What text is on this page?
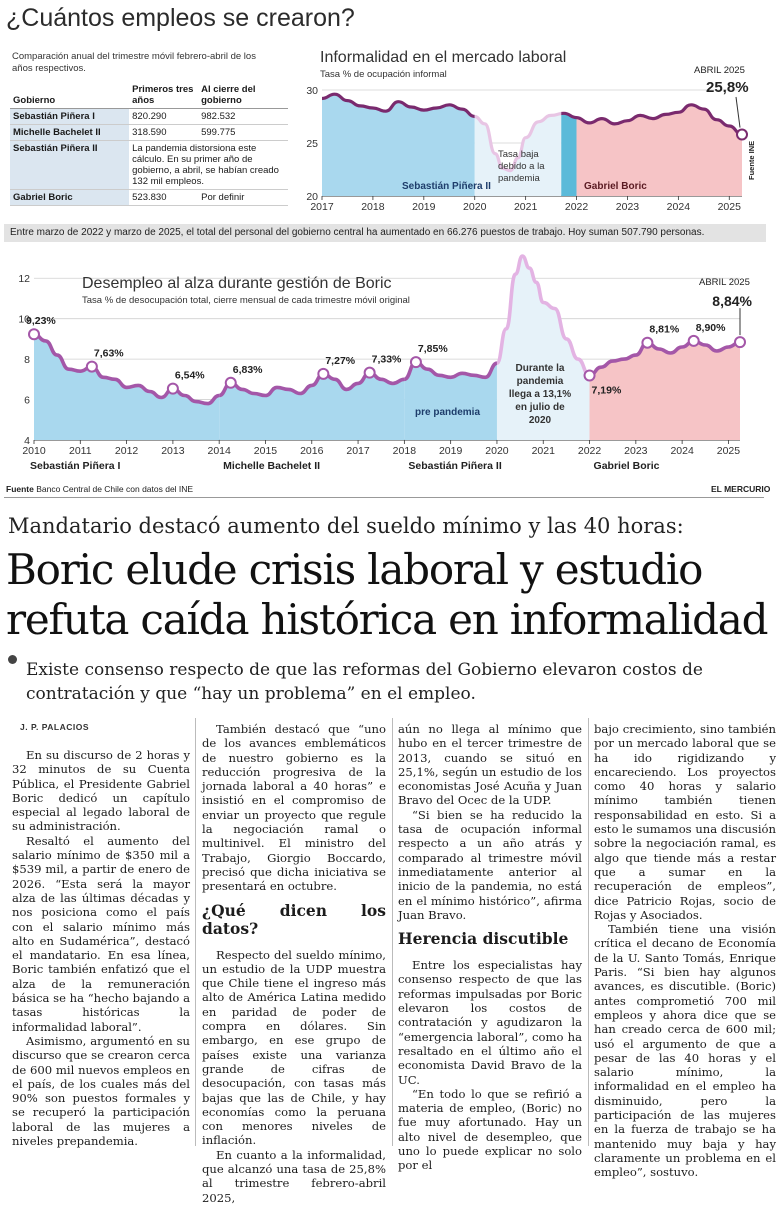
¿Cuántos empleos se crearon?
Comparación anual del trimestre móvil febrero-abril de los años respectivos.
Gobierno	Primeros tres años	Al cierre del gobierno
Sebastián Piñera I	820.290	982.532
Michelle Bachelet II	318.590	599.775
Sebastián Piñera II	La pandemia distorsiona este cálculo. En su primer año de gobierno, a abril, se habían creado 132 mil empleos.	
Gabriel Boric	523.830	Por definir
Informalidad en el mercado laboral
Tasa % de ocupación informal
30
25
20
2017	2018	2019	2020	2021	2022	2023	2024	2025
Sebastián Piñera II	Gabriel Boric
Tasa baja debido a la pandemia
ABRIL 2025
25,8%
Fuente INE
Entre marzo de 2022 y marzo de 2025, el total del personal del gobierno central ha aumentado en 66.276 puestos de trabajo. Hoy suman 507.790 personas.
12
10
8
6
4
2010 2011 2012 2013 2014 2015 2016 2017 2018 2019 2020 2021 2022 2023 2024 2025
9,23%
7,63%
6,54%	6,83%
7,27% 7,33%
7,85%
7,19%
8,81% 8,90%
8,84%
Sebastián Piñera I	Michelle Bachelet II	Sebastián Piñera II	Gabriel Boric
Desempleo al alza durante gestión de Boric
Tasa % de desocupación total, cierre mensual de cada trimestre móvil original
pre pandemia
Durante la pandemia llega a 13,1% en julio de 2020
ABRIL 2025
Fuente Banco Central de Chile con datos del INE	EL MERCURIO
Mandatario destacó aumento del sueldo mínimo y las 40 horas:
Boric elude crisis laboral y estudio refuta caída histórica en informalidad
Existe consenso respecto de que las reformas del Gobierno elevaron costos de contratación y que “hay un problema” en el empleo.
J. P. PALACIOS

En su discurso de 2 horas y 32 minutos de su Cuenta Pública, el Presidente Gabriel Boric dedicó un capítulo especial al legado laboral de su administración.

Resaltó el aumento del salario mínimo de $350 mil a $539 mil, a partir de enero de 2026. “Esta será la mayor alza de las últimas décadas y nos posiciona como el país con el salario mínimo más alto en Sudamérica”, destacó el mandatario. En esa línea, Boric también enfatizó que el alza de la remuneración básica se ha “hecho bajando a tasas históricas la informalidad laboral”.

Asimismo, argumentó en su discurso que se crearon cerca de 600 mil nuevos empleos en el país, de los cuales más del 90% son puestos formales y se recuperó la participación laboral de las mujeres a niveles prepandemia.

También destacó que “uno de los avances emblemáticos de nuestro gobierno es la reducción progresiva de la jornada laboral a 40 horas” e insistió en el compromiso de enviar un proyecto que regule la negociación ramal o multinivel. El ministro del Trabajo, Giorgio Boccardo, precisó que dicha iniciativa se presentará en octubre.

¿Qué dicen los datos?

Respecto del sueldo mínimo, un estudio de la UDP muestra que Chile tiene el ingreso más alto de América Latina medido en paridad de poder de compra en dólares. Sin embargo, en ese grupo de países existe una varianza grande de cifras de desocupación, con tasas más bajas que las de Chile, y hay economías como la peruana con menores niveles de inflación.

En cuanto a la informalidad, que alcanzó una tasa de 25,8% al trimestre febrero-abril 2025,

aún no llega al mínimo que hubo en el tercer trimestre de 2013, cuando se situó en 25,1%, según un estudio de los economistas José Acuña y Juan Bravo del Ocec de la UDP.

“Si bien se ha reducido la tasa de ocupación informal respecto a un año atrás y comparado al trimestre móvil inmediatamente anterior al inicio de la pandemia, no está en el mínimo histórico”, afirma Juan Bravo.

Herencia discutible

Entre los especialistas hay consenso respecto de que las reformas impulsadas por Boric elevaron los costos de contratación y agudizaron la “emergencia laboral”, como ha resaltado en el último año el economista David Bravo de la UC.

“En todo lo que se refirió a materia de empleo, (Boric) no fue muy afortunado. Hay un alto nivel de desempleo, que uno lo puede explicar no solo por el

bajo crecimiento, sino también por un mercado laboral que se ha ido rigidizando y encareciendo. Los proyectos como 40 horas y salario mínimo también tienen responsabilidad en esto. Si a esto le sumamos una discusión sobre la negociación ramal, es algo que tiende más a restar que a sumar en la recuperación de empleos”, dice Patricio Rojas, socio de Rojas y Asociados.

También tiene una visión crítica el decano de Economía de la U. Santo Tomás, Enrique Paris. “Si bien hay algunos avances, es discutible. (Boric) antes comprometió 700 mil empleos y ahora dice que se han creado cerca de 600 mil; usó el argumento de que a pesar de las 40 horas y el salario mínimo, la informalidad en el empleo ha disminuido, pero la participación de las mujeres en la fuerza de trabajo se ha mantenido muy baja y hay claramente un problema en el empleo”, sostuvo.
